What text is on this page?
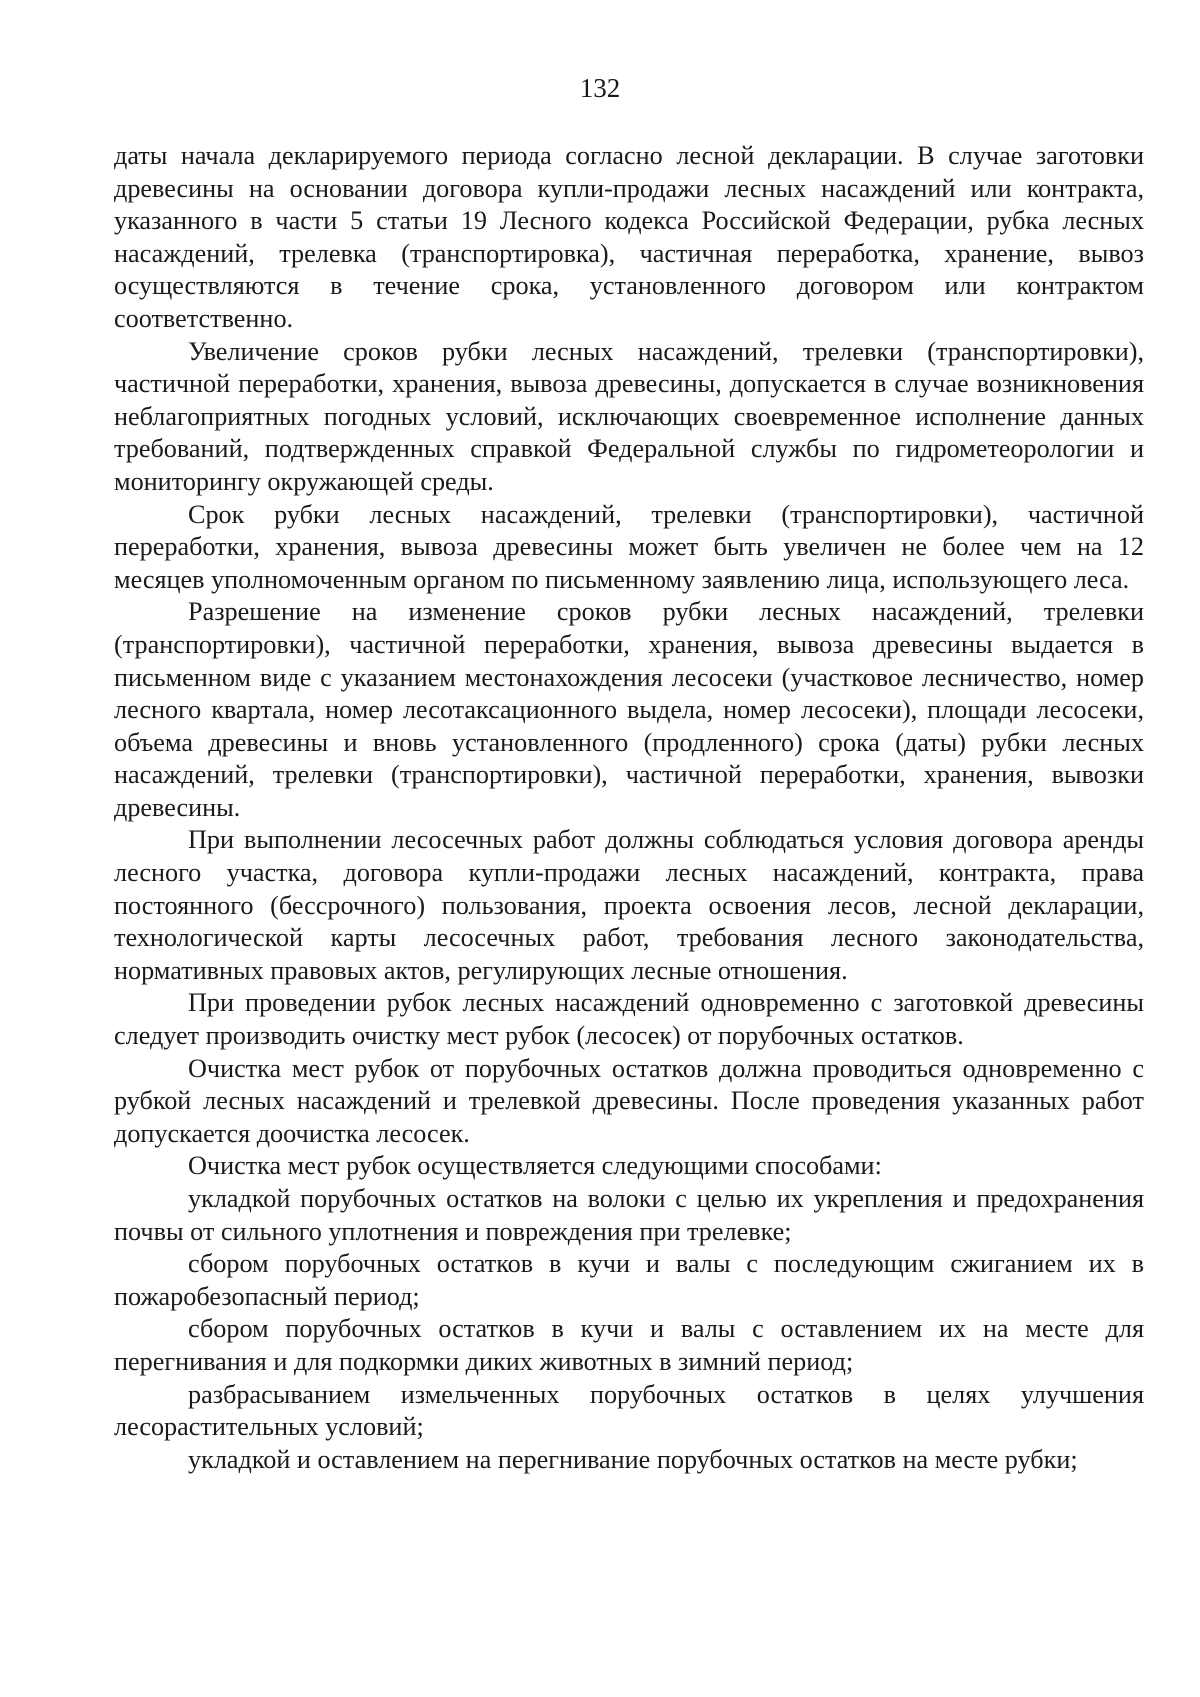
132

даты начала декларируемого периода согласно лесной декларации. В случае заготовки древесины на основании договора купли-продажи лесных насаждений или контракта, указанного в части 5 статьи 19 Лесного кодекса Российской Федерации, рубка лесных насаждений, трелевка (транспортировка), частичная переработка, хранение, вывоз осуществляются в течение срока, установленного договором или контрактом соответственно.

Увеличение сроков рубки лесных насаждений, трелевки (транспортировки), частичной переработки, хранения, вывоза древесины, допускается в случае возникновения неблагоприятных погодных условий, исключающих своевременное исполнение данных требований, подтвержденных справкой Федеральной службы по гидрометеорологии и мониторингу окружающей среды.

Срок рубки лесных насаждений, трелевки (транспортировки), частичной переработки, хранения, вывоза древесины может быть увеличен не более чем на 12 месяцев уполномоченным органом по письменному заявлению лица, использующего леса.

Разрешение на изменение сроков рубки лесных насаждений, трелевки (транспортировки), частичной переработки, хранения, вывоза древесины выдается в письменном виде с указанием местонахождения лесосеки (участковое лесничество, номер лесного квартала, номер лесотаксационного выдела, номер лесосеки), площади лесосеки, объема древесины и вновь установленного (продленного) срока (даты) рубки лесных насаждений, трелевки (транспортировки), частичной переработки, хранения, вывозки древесины.

При выполнении лесосечных работ должны соблюдаться условия договора аренды лесного участка, договора купли-продажи лесных насаждений, контракта, права постоянного (бессрочного) пользования, проекта освоения лесов, лесной декларации, технологической карты лесосечных работ, требования лесного законодательства, нормативных правовых актов, регулирующих лесные отношения.

При проведении рубок лесных насаждений одновременно с заготовкой древесины следует производить очистку мест рубок (лесосек) от порубочных остатков.

Очистка мест рубок от порубочных остатков должна проводиться одновременно с рубкой лесных насаждений и трелевкой древесины. После проведения указанных работ допускается доочистка лесосек.

Очистка мест рубок осуществляется следующими способами:

укладкой порубочных остатков на волоки с целью их укрепления и предохранения почвы от сильного уплотнения и повреждения при трелевке;

сбором порубочных остатков в кучи и валы с последующим сжиганием их в пожаробезопасный период;

сбором порубочных остатков в кучи и валы с оставлением их на месте для перегнивания и для подкормки диких животных в зимний период;

разбрасыванием измельченных порубочных остатков в целях улучшения лесорастительных условий;

укладкой и оставлением на перегнивание порубочных остатков на месте рубки;
